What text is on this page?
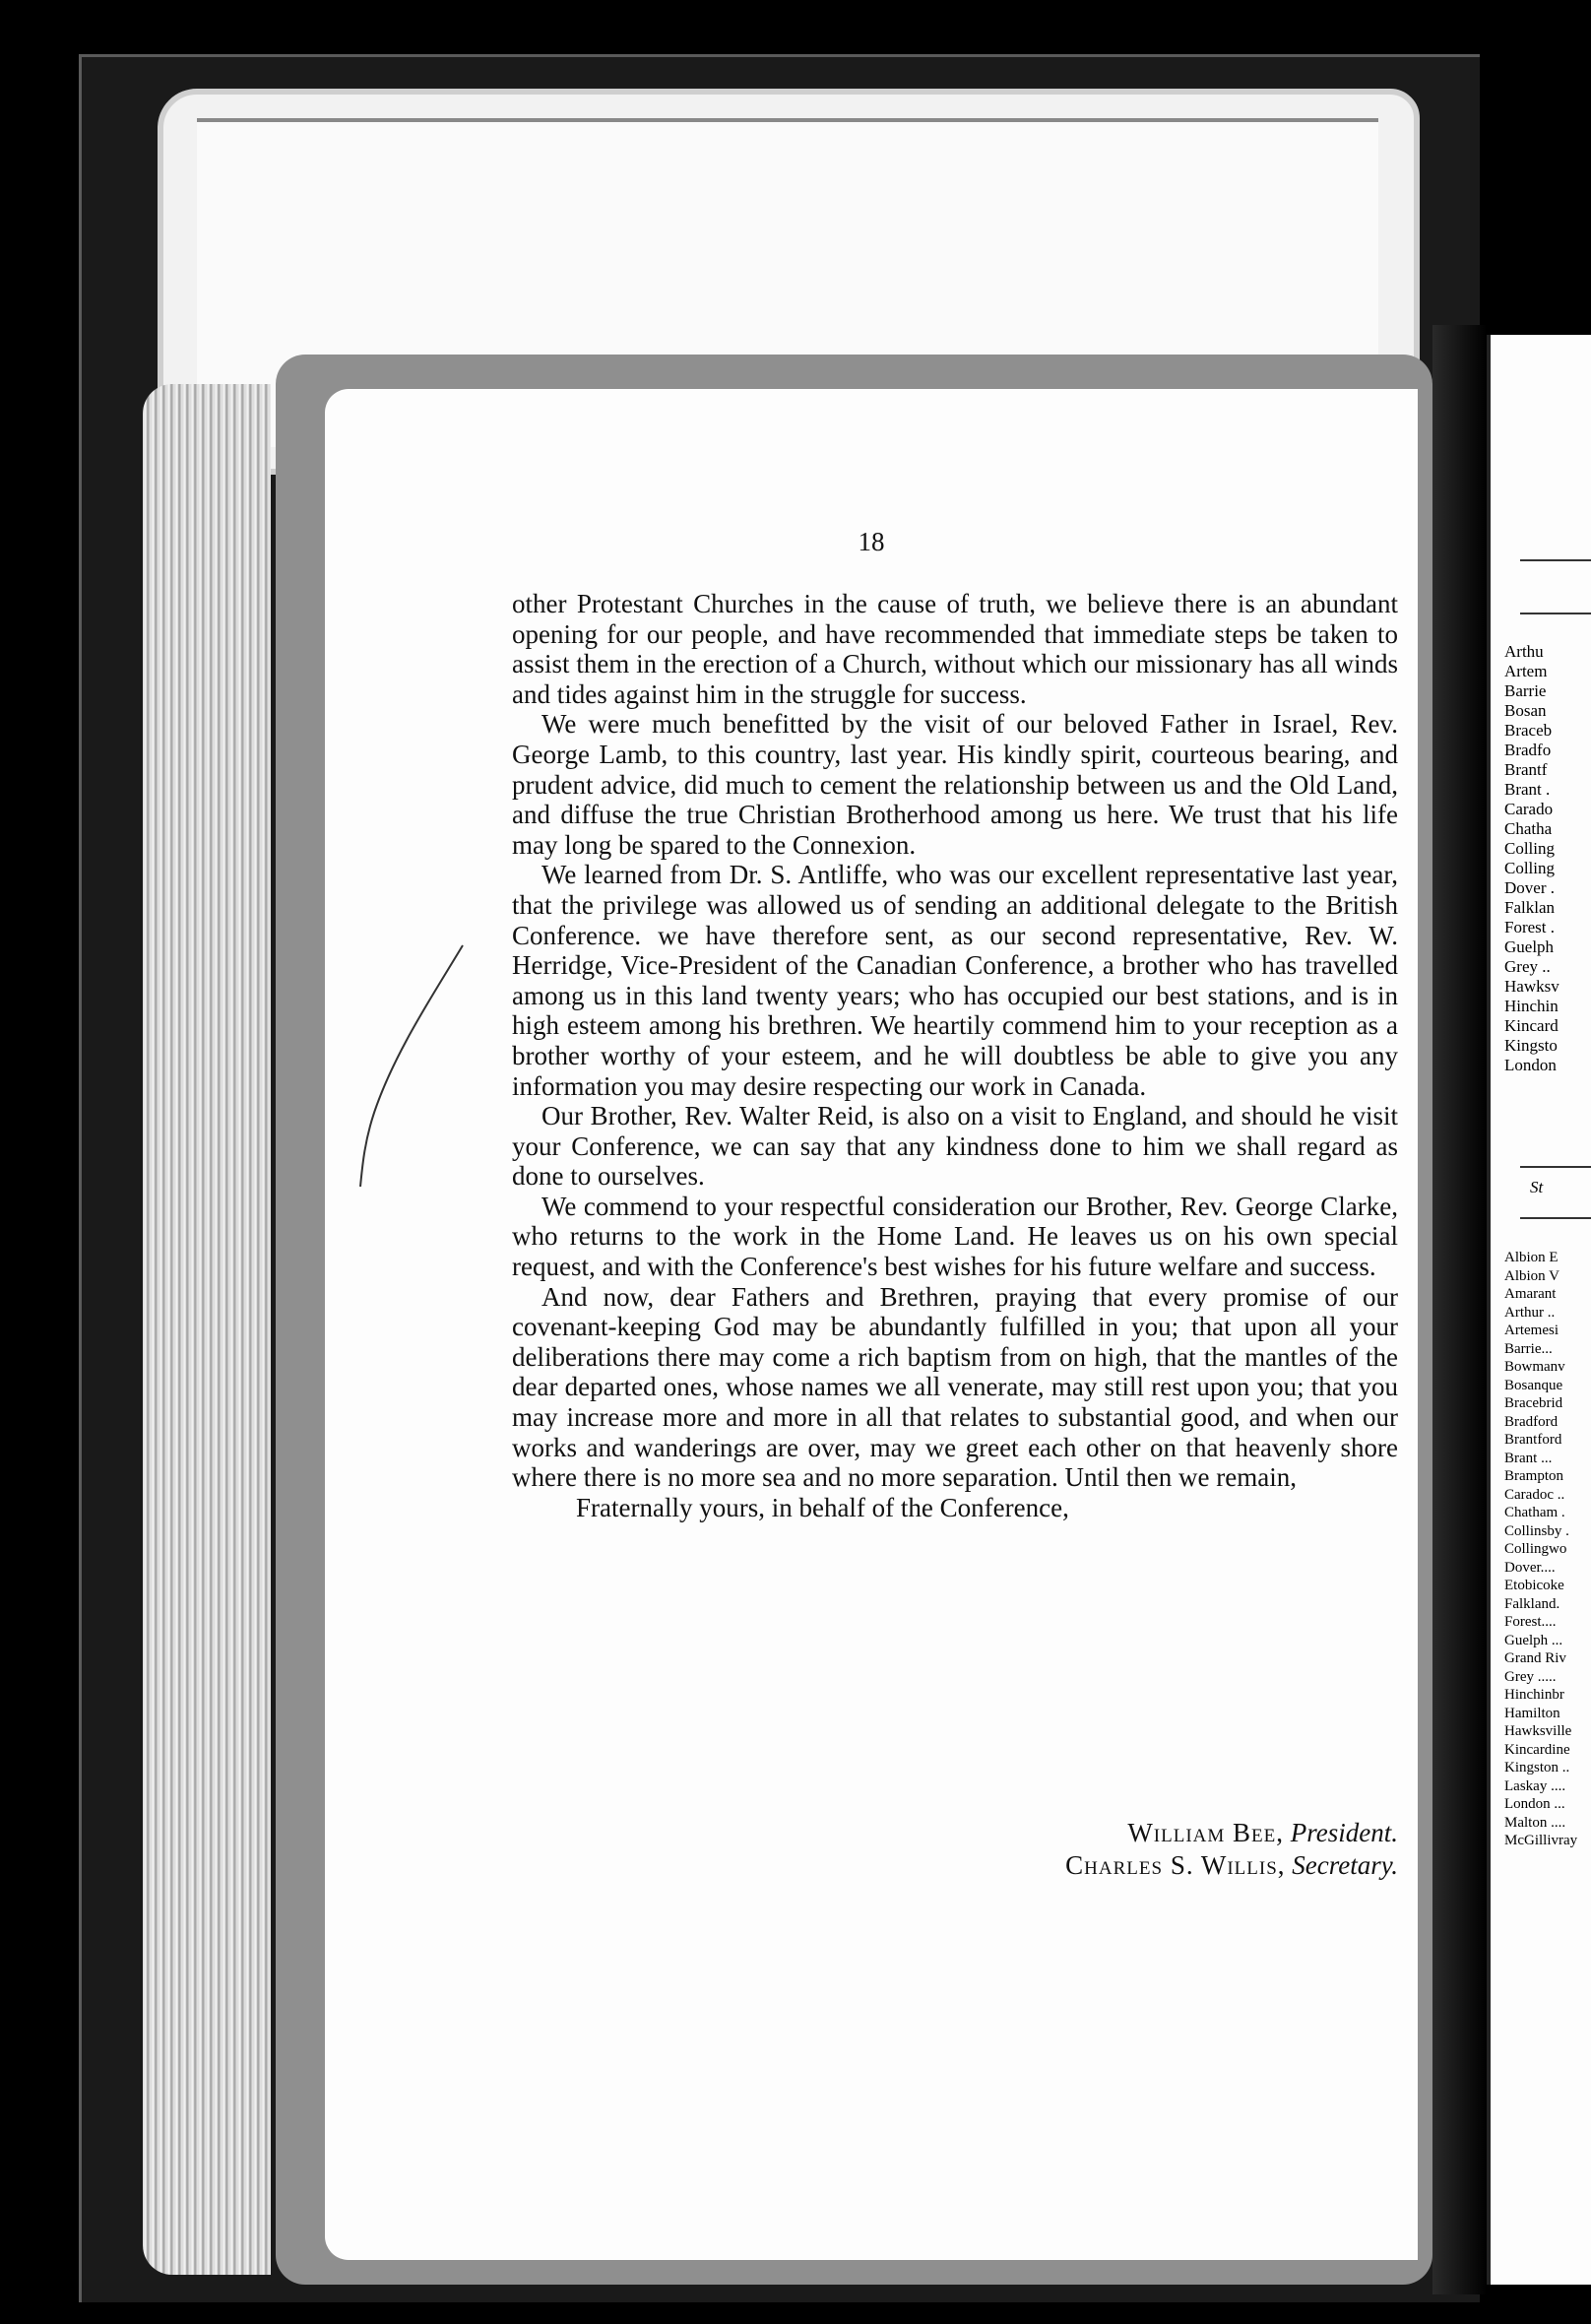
18

other Protestant Churches in the cause of truth, we believe there is an abundant opening for our people, and have recommended that immediate steps be taken to assist them in the erection of a Church, without which our missionary has all winds and tides against him in the struggle for success.

We were much benefitted by the visit of our beloved Father in Israel, Rev. George Lamb, to this country, last year. His kindly spirit, courteous bearing, and prudent advice, did much to cement the relationship between us and the Old Land, and diffuse the true Christian Brotherhood among us here. We trust that his life may long be spared to the Connexion.

We learned from Dr. S. Antliffe, who was our excellent representative last year, that the privilege was allowed us of sending an additional delegate to the British Conference. we have therefore sent, as our second representative, Rev. W. Herridge, Vice-President of the Canadian Conference, a brother who has travelled among us in this land twenty years; who has occupied our best stations, and is in high esteem among his brethren. We heartily commend him to your reception as a brother worthy of your esteem, and he will doubtless be able to give you any information you may desire respecting our work in Canada.

Our Brother, Rev. Walter Reid, is also on a visit to England, and should he visit your Conference, we can say that any kindness done to him we shall regard as done to ourselves.

We commend to your respectful consideration our Brother, Rev. George Clarke, who returns to the work in the Home Land. He leaves us on his own special request, and with the Conference's best wishes for his future welfare and success.

And now, dear Fathers and Brethren, praying that every promise of our covenant-keeping God may be abundantly fulfilled in you; that upon all your deliberations there may come a rich baptism from on high, that the mantles of the dear departed ones, whose names we all venerate, may still rest upon you; that you may increase more and more in all that relates to substantial good, and when our works and wanderings are over, may we greet each other on that heavenly shore where there is no more sea and no more separation. Until then we remain,

Fraternally yours, in behalf of the Conference,

William Bee, President.
Charles S. Willis, Secretary.
Arthu
Artem
Barrie
Bosan
Braceb
Bradfo
Brantf
Brant .
Carado
Chatha
Colling
Colling
Dover .
Falklan
Forest .
Guelph
Grey ..
Hawksv
Hinchin
Kincard
Kingsto
London
St
Albion E
Albion V
Amarant
Arthur ..
Artemesi
Barrie...
Bowmanv
Bosanque
Bracebrid
Bradford
Brantford
Brant ...
Brampton
Caradoc ..
Chatham .
Collinsby .
Collingwo
Dover....
Etobicoke
Falkland.
Forest....
Guelph ...
Grand Riv
Grey .....
Hinchinbr
Hamilton
Hawksville
Kincardine
Kingston ..
Laskay ....
London ...
Malton ....
McGillivray
